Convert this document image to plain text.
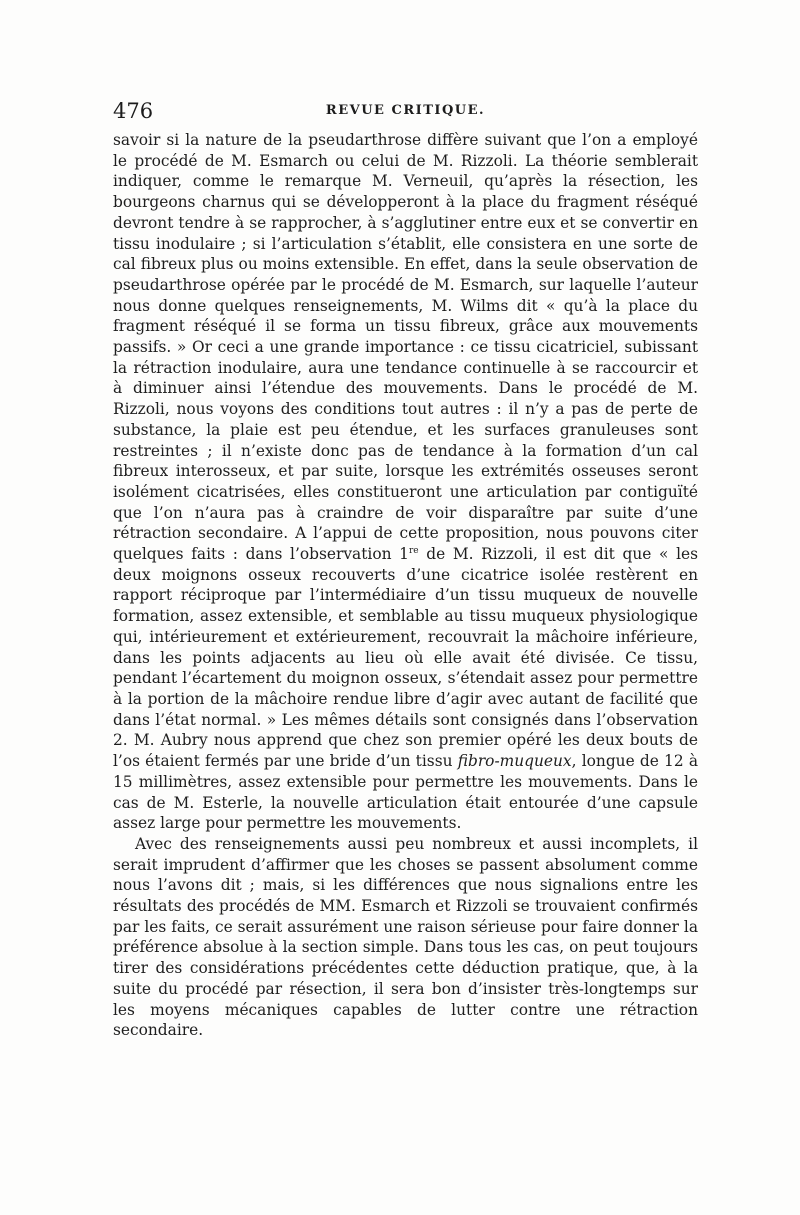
476	REVUE CRITIQUE.

savoir si la nature de la pseudarthrose diffère suivant que l’on a employé le procédé de M. Esmarch ou celui de M. Rizzoli. La théorie semblerait indiquer, comme le remarque M. Verneuil, qu’après la résection, les bourgeons charnus qui se développeront à la place du fragment réséqué devront tendre à se rapprocher, à s’agglutiner entre eux et se convertir en tissu inodulaire ; si l’articulation s’établit, elle consistera en une sorte de cal fibreux plus ou moins extensible. En effet, dans la seule observation de pseudarthrose opérée par le procédé de M. Esmarch, sur laquelle l’auteur nous donne quelques renseignements, M. Wilms dit « qu’à la place du fragment réséqué il se forma un tissu fibreux, grâce aux mouvements passifs. » Or ceci a une grande importance : ce tissu cicatriciel, subissant la rétraction inodulaire, aura une tendance continuelle à se raccourcir et à diminuer ainsi l’étendue des mouvements. Dans le procédé de M. Rizzoli, nous voyons des conditions tout autres : il n’y a pas de perte de substance, la plaie est peu étendue, et les surfaces granuleuses sont restreintes ; il n’existe donc pas de tendance à la formation d’un cal fibreux interosseux, et par suite, lorsque les extrémités osseuses seront isolément cicatrisées, elles constitueront une articulation par contiguïté que l’on n’aura pas à craindre de voir disparaître par suite d’une rétraction secondaire. A l’appui de cette proposition, nous pouvons citer quelques faits : dans l’observation 1re de M. Rizzoli, il est dit que « les deux moignons osseux recouverts d’une cicatrice isolée restèrent en rapport réciproque par l’intermédiaire d’un tissu muqueux de nouvelle formation, assez extensible, et semblable au tissu muqueux physiologique qui, intérieurement et extérieurement, recouvrait la mâchoire inférieure, dans les points adjacents au lieu où elle avait été divisée. Ce tissu, pendant l’écartement du moignon osseux, s’étendait assez pour permettre à la portion de la mâchoire rendue libre d’agir avec autant de facilité que dans l’état normal. » Les mêmes détails sont consignés dans l’observation 2. M. Aubry nous apprend que chez son premier opéré les deux bouts de l’os étaient fermés par une bride d’un tissu fibro-muqueux, longue de 12 à 15 millimètres, assez extensible pour permettre les mouvements. Dans le cas de M. Esterle, la nouvelle articulation était entourée d’une capsule assez large pour permettre les mouvements.

Avec des renseignements aussi peu nombreux et aussi incomplets, il serait imprudent d’affirmer que les choses se passent absolument comme nous l’avons dit ; mais, si les différences que nous signalions entre les résultats des procédés de MM. Esmarch et Rizzoli se trouvaient confirmés par les faits, ce serait assurément une raison sérieuse pour faire donner la préférence absolue à la section simple. Dans tous les cas, on peut toujours tirer des considérations précédentes cette déduction pratique, que, à la suite du procédé par résection, il sera bon d’insister très-longtemps sur les moyens mécaniques capables de lutter contre une rétraction secondaire.
